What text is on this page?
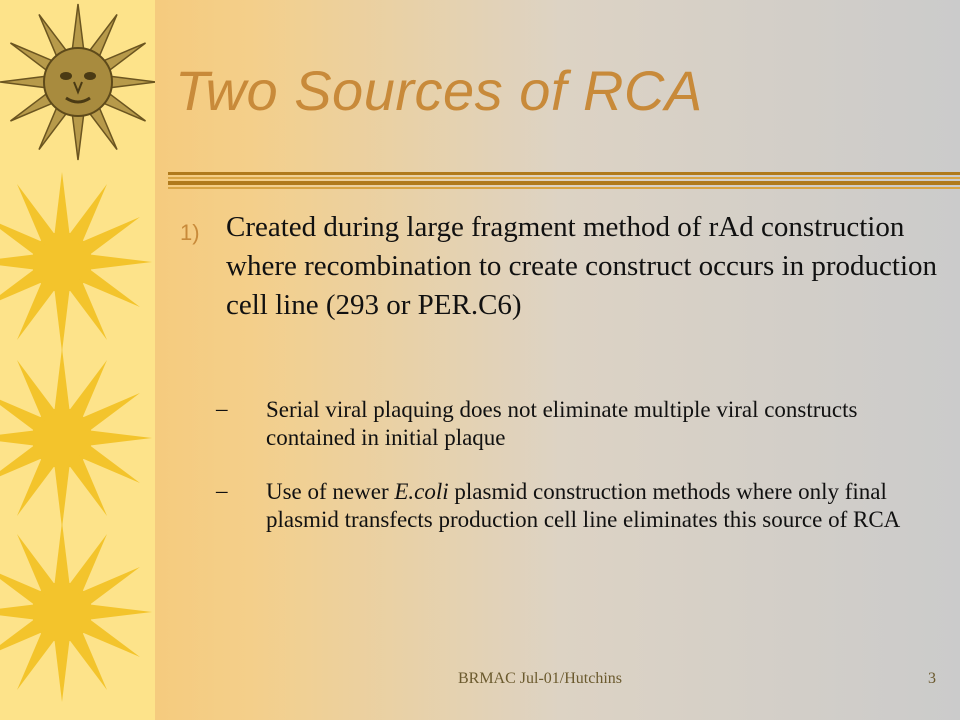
Two Sources of RCA
1) Created during large fragment method of rAd construction where recombination to create construct occurs in production cell line (293 or PER.C6)
– Serial viral plaquing does not eliminate multiple viral constructs contained in initial plaque
– Use of newer E.coli plasmid construction methods where only final plasmid transfects production cell line eliminates this source of RCA
BRMAC Jul-01/Hutchins	3
